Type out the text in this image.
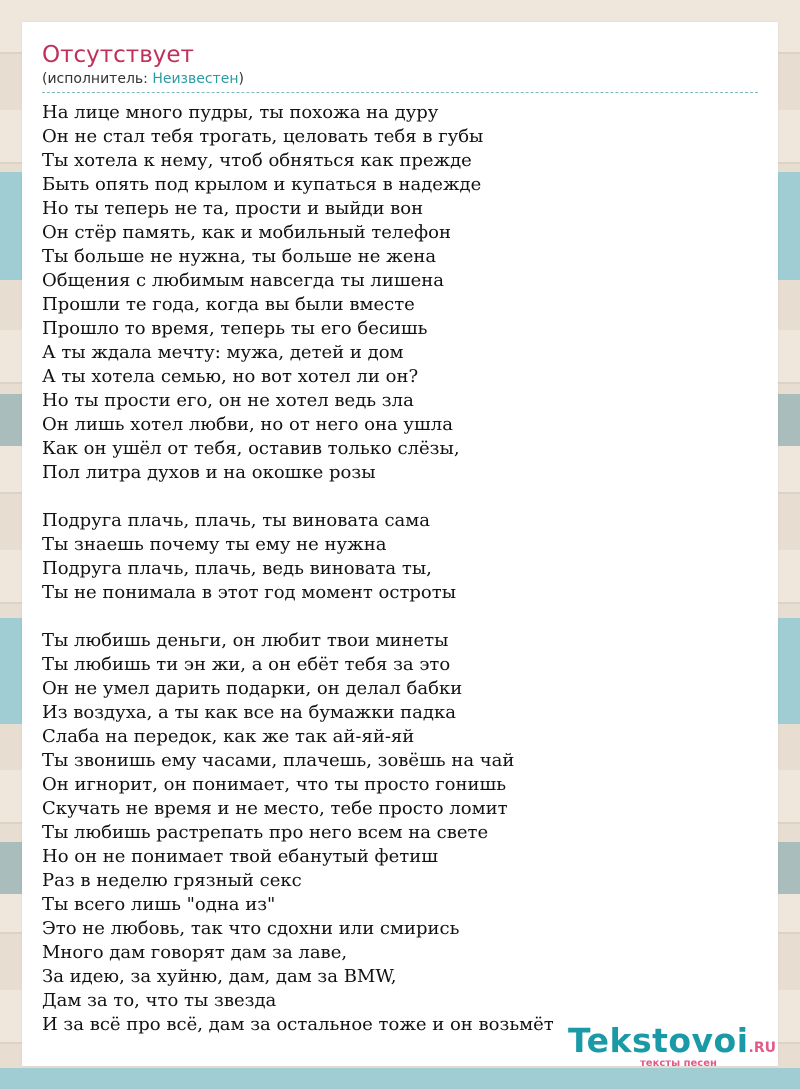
Отсутствует
(исполнитель: Неизвестен)
На лице много пудры, ты похожа на дуру
Он не стал тебя трогать, целовать тебя в губы
Ты хотела к нему, чтоб обняться как прежде
Быть опять под крылом и купаться в надежде
Но ты теперь не та, прости и выйди вон
Он стёр память, как и мобильный телефон
Ты больше не нужна, ты больше не жена
Общения с любимым навсегда ты лишена
Прошли те года, когда вы были вместе
Прошло то время, теперь ты его бесишь
А ты ждала мечту: мужа, детей и дом
А ты хотела семью, но вот хотел ли он?
Но ты прости его, он не хотел ведь зла
Он лишь хотел любви, но от него она ушла
Как он ушёл от тебя, оставив только слёзы,
Пол литра духов и на окошке розы
Подруга плачь, плачь, ты виновата сама
Ты знаешь почему ты ему не нужна
Подруга плачь, плачь, ведь виновата ты,
Ты не понимала в этот год момент остроты
Ты любишь деньги, он любит твои минеты
Ты любишь ти эн жи, а он ебёт тебя за это
Он не умел дарить подарки, он делал бабки
Из воздуха, а ты как все на бумажки падка
Слаба на передок, как же так ай-яй-яй
Ты звонишь ему часами, плачешь, зовёшь на чай
Он игнорит, он понимает, что ты просто гонишь
Скучать не время и не место, тебе просто ломит
Ты любишь растрепать про него всем на свете
Но он не понимает твой ебанутый фетиш
Раз в неделю грязный секс
Ты всего лишь "одна из"
Это не любовь, так что сдохни или смирись
Много дам говорят дам за лаве,
За идею, за хуйню, дам, дам за BMW,
Дам за то, что ты звезда
И за всё про всё, дам за остальное тоже и он возьмёт Tekstovoi.RU
тексты песен
